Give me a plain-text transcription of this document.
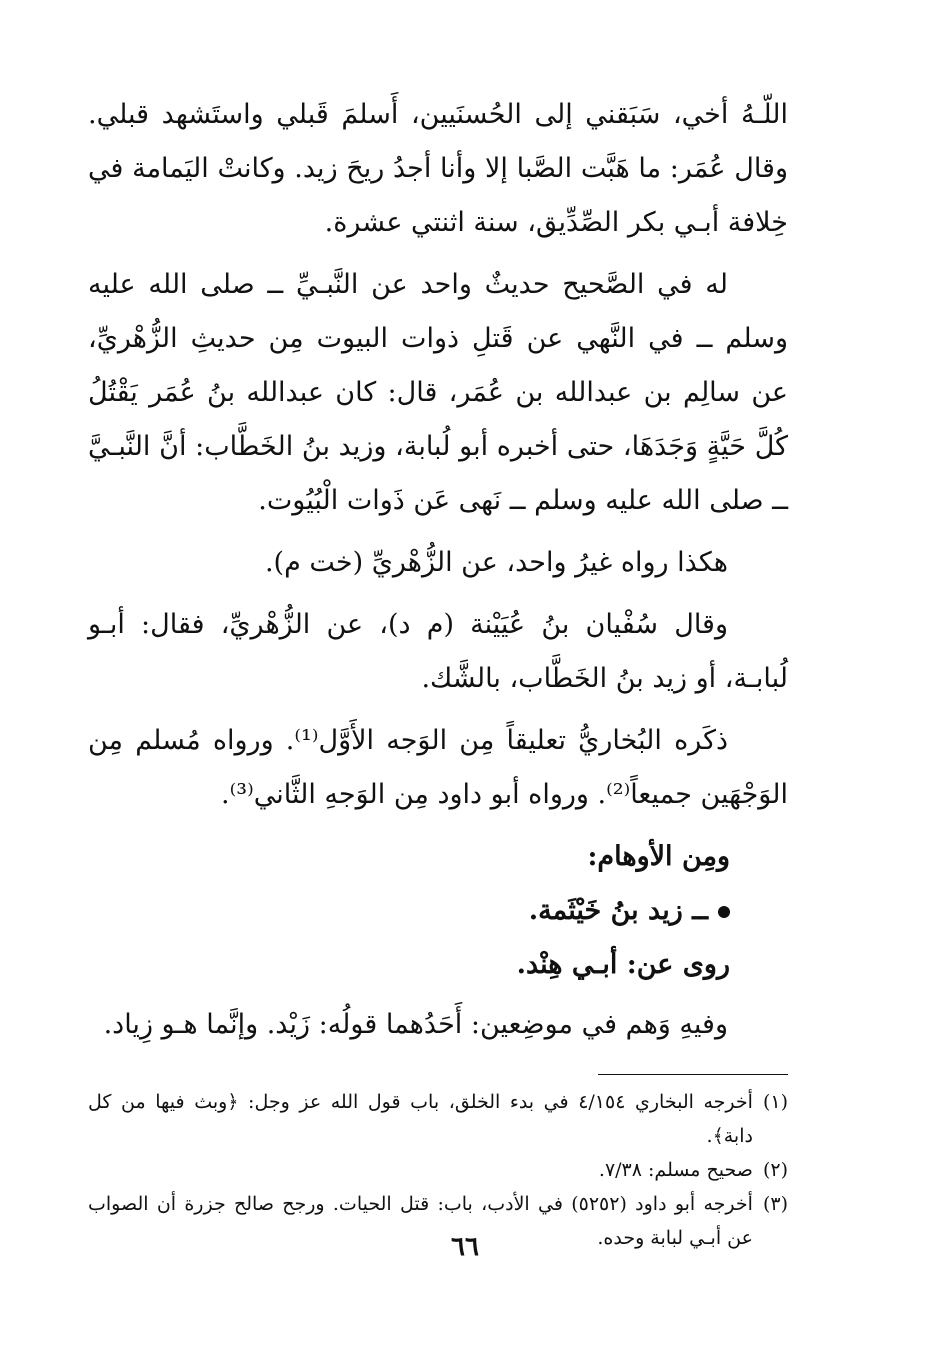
اللّـهُ أخي، سَبَقني إلى الحُسنَيين، أَسلمَ قَبلي واستَشهد قبلي. وقال عُمَر: ما هَبَّت الصَّبا إلا وأنا أجدُ ريحَ زيد. وكانتْ اليَمامة في خِلافة أبـي بكر الصِّدِّيق، سنة اثنتي عشرة.

له في الصَّحيح حديثٌ واحد عن النَّبـيِّ ــ صلى الله عليه وسلم ــ في النَّهي عن قَتلِ ذوات البيوت مِن حديثِ الزُّهْريِّ، عن سالِم بن عبدالله بن عُمَر، قال: كان عبدالله بنُ عُمَر يَقْتُلُ كُلَّ حَيَّةٍ وَجَدَهَا، حتى أخبره أبو لُبابة، وزيد بنُ الخَطَّاب: أنَّ النَّبـيَّ ــ صلى الله عليه وسلم ــ نَهى عَن ذَوات الْبُيُوت.

هكذا رواه غيرُ واحد، عن الزُّهْريِّ (خت م).

وقال سُفْيان بنُ عُيَيْنة (م د)، عن الزُّهْريِّ، فقال: أبـو لُبابـة، أو زيد بنُ الخَطَّاب، بالشَّك.

ذكَره البُخاريُّ تعليقاً مِن الوَجه الأَوَّل⁽¹⁾. ورواه مُسلم مِن الوَجْهَين جميعاً⁽²⁾. ورواه أبو داود مِن الوَجهِ الثَّاني⁽³⁾.

ومِن الأوهام:
ــ زيد بنُ خَيْثَمة.
روى عن: أبـي هِنْد.

وفيهِ وَهم في موضِعين: أَحَدُهما قولُه: زَيْد. وإنَّما هـو زِياد.

(١)
أخرجه البخاري ٤/١٥٤ في بدء الخلق، باب قول الله عز وجل: ﴿وبث فيها من كل دابة﴾.
(٢)
صحيح مسلم: ٧/٣٨.
(٣)
أخرجه أبو داود (٥٢٥٢) في الأدب، باب: قتل الحيات. ورجح صالح جزرة أن الصواب عن أبـي لبابة وحده.
٦٦
